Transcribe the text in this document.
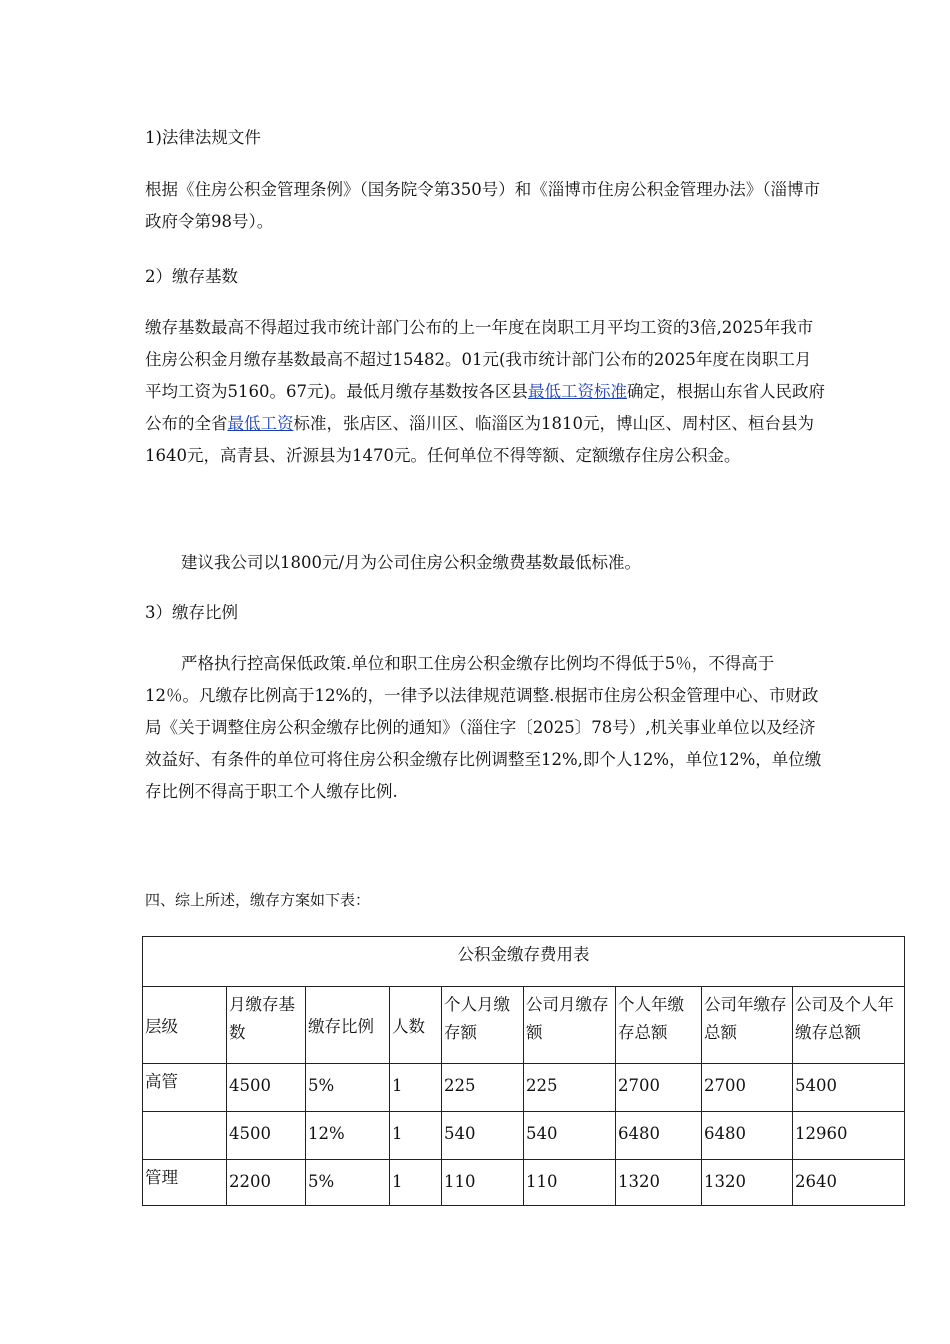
1)法律法规文件

根据《住房公积金管理条例》（国务院令第350号）和《淄博市住房公积金管理办法》（淄博市政府令第98号）。

2）缴存基数

缴存基数最高不得超过我市统计部门公布的上一年度在岗职工月平均工资的3倍,2025年我市住房公积金月缴存基数最高不超过15482。01元(我市统计部门公布的2025年度在岗职工月平均工资为5160。67元)。最低月缴存基数按各区县最低工资标准确定，根据山东省人民政府公布的全省最低工资标准，张店区、淄川区、临淄区为1810元，博山区、周村区、桓台县为1640元，高青县、沂源县为1470元。任何单位不得等额、定额缴存住房公积金。

建议我公司以1800元/月为公司住房公积金缴费基数最低标准。

3）缴存比例

严格执行控高保低政策.单位和职工住房公积金缴存比例均不得低于5％，不得高于12％。凡缴存比例高于12%的，一律予以法律规范调整.根据市住房公积金管理中心、市财政局《关于调整住房公积金缴存比例的通知》（淄住字〔2025〕78号）,机关事业单位以及经济效益好、有条件的单位可将住房公积金缴存比例调整至12%,即个人12%，单位12%，单位缴存比例不得高于职工个人缴存比例.

四、综上所述，缴存方案如下表：

公积金缴存费用表								
层级	月缴存基数	缴存比例	人数	个人月缴存额	公司月缴存额	个人年缴存总额	公司年缴存总额	公司及个人年缴存总额
高管	4500	5%	1	225	225	2700	2700	5400
	4500	12%	1	540	540	6480	6480	12960
管理	2200	5%	1	110	110	1320	1320	2640
